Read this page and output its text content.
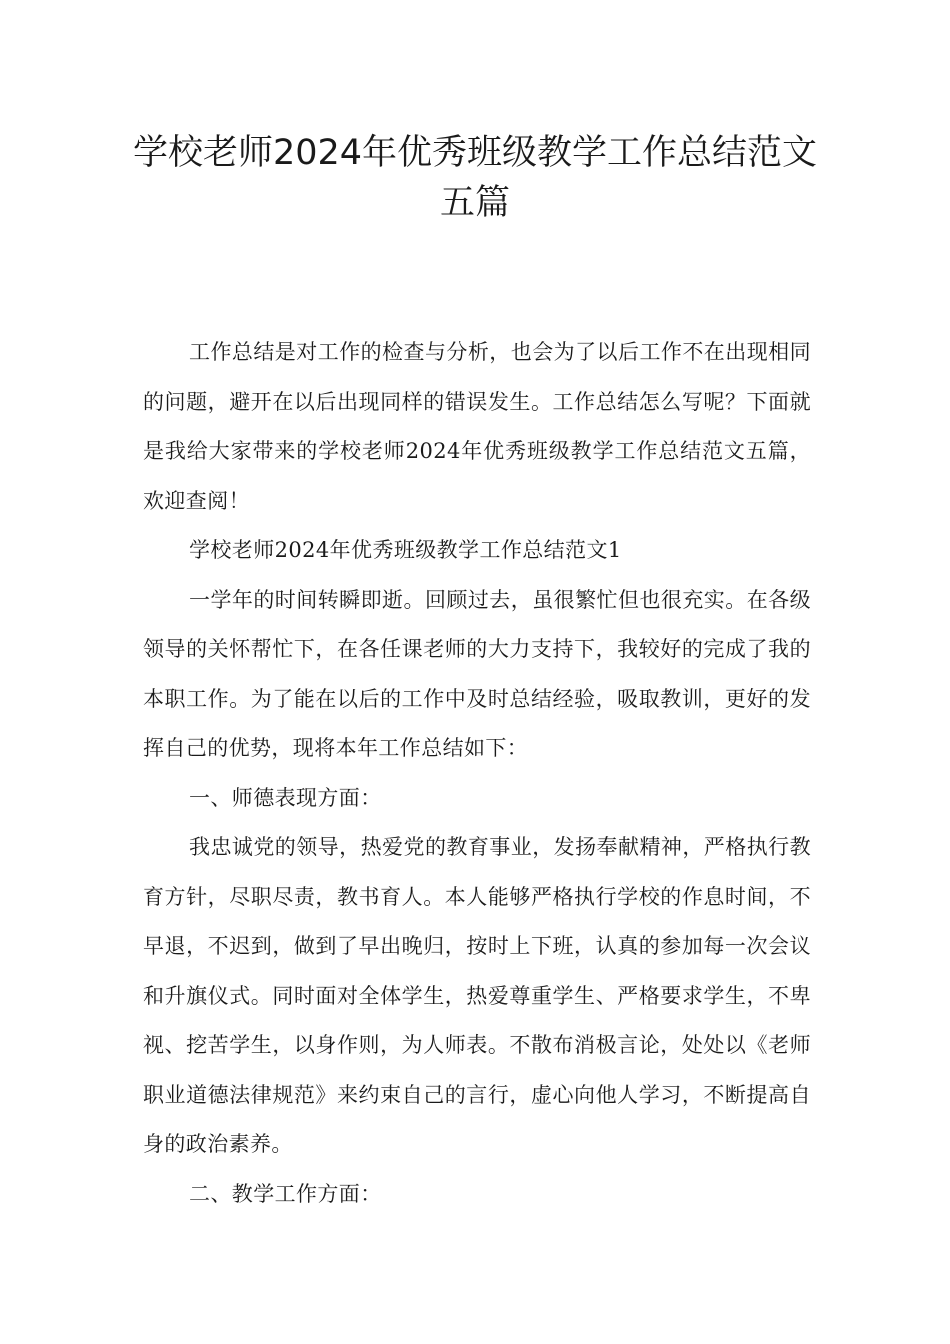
学校老师2024年优秀班级教学工作总结范文五篇

工作总结是对工作的检查与分析，也会为了以后工作不在出现相同的问题，避开在以后出现同样的错误发生。工作总结怎么写呢？下面就是我给大家带来的学校老师2024年优秀班级教学工作总结范文五篇，欢迎查阅！

学校老师2024年优秀班级教学工作总结范文1

一学年的时间转瞬即逝。回顾过去，虽很繁忙但也很充实。在各级领导的关怀帮忙下，在各任课老师的大力支持下，我较好的完成了我的本职工作。为了能在以后的工作中及时总结经验，吸取教训，更好的发挥自己的优势，现将本年工作总结如下：

一、师德表现方面：

我忠诚党的领导，热爱党的教育事业，发扬奉献精神，严格执行教育方针，尽职尽责，教书育人。本人能够严格执行学校的作息时间，不早退，不迟到，做到了早出晚归，按时上下班，认真的参加每一次会议和升旗仪式。同时面对全体学生，热爱尊重学生、严格要求学生，不卑视、挖苦学生，以身作则，为人师表。不散布消极言论，处处以《老师职业道德法律规范》来约束自己的言行，虚心向他人学习，不断提高自身的政治素养。

二、教学工作方面：
